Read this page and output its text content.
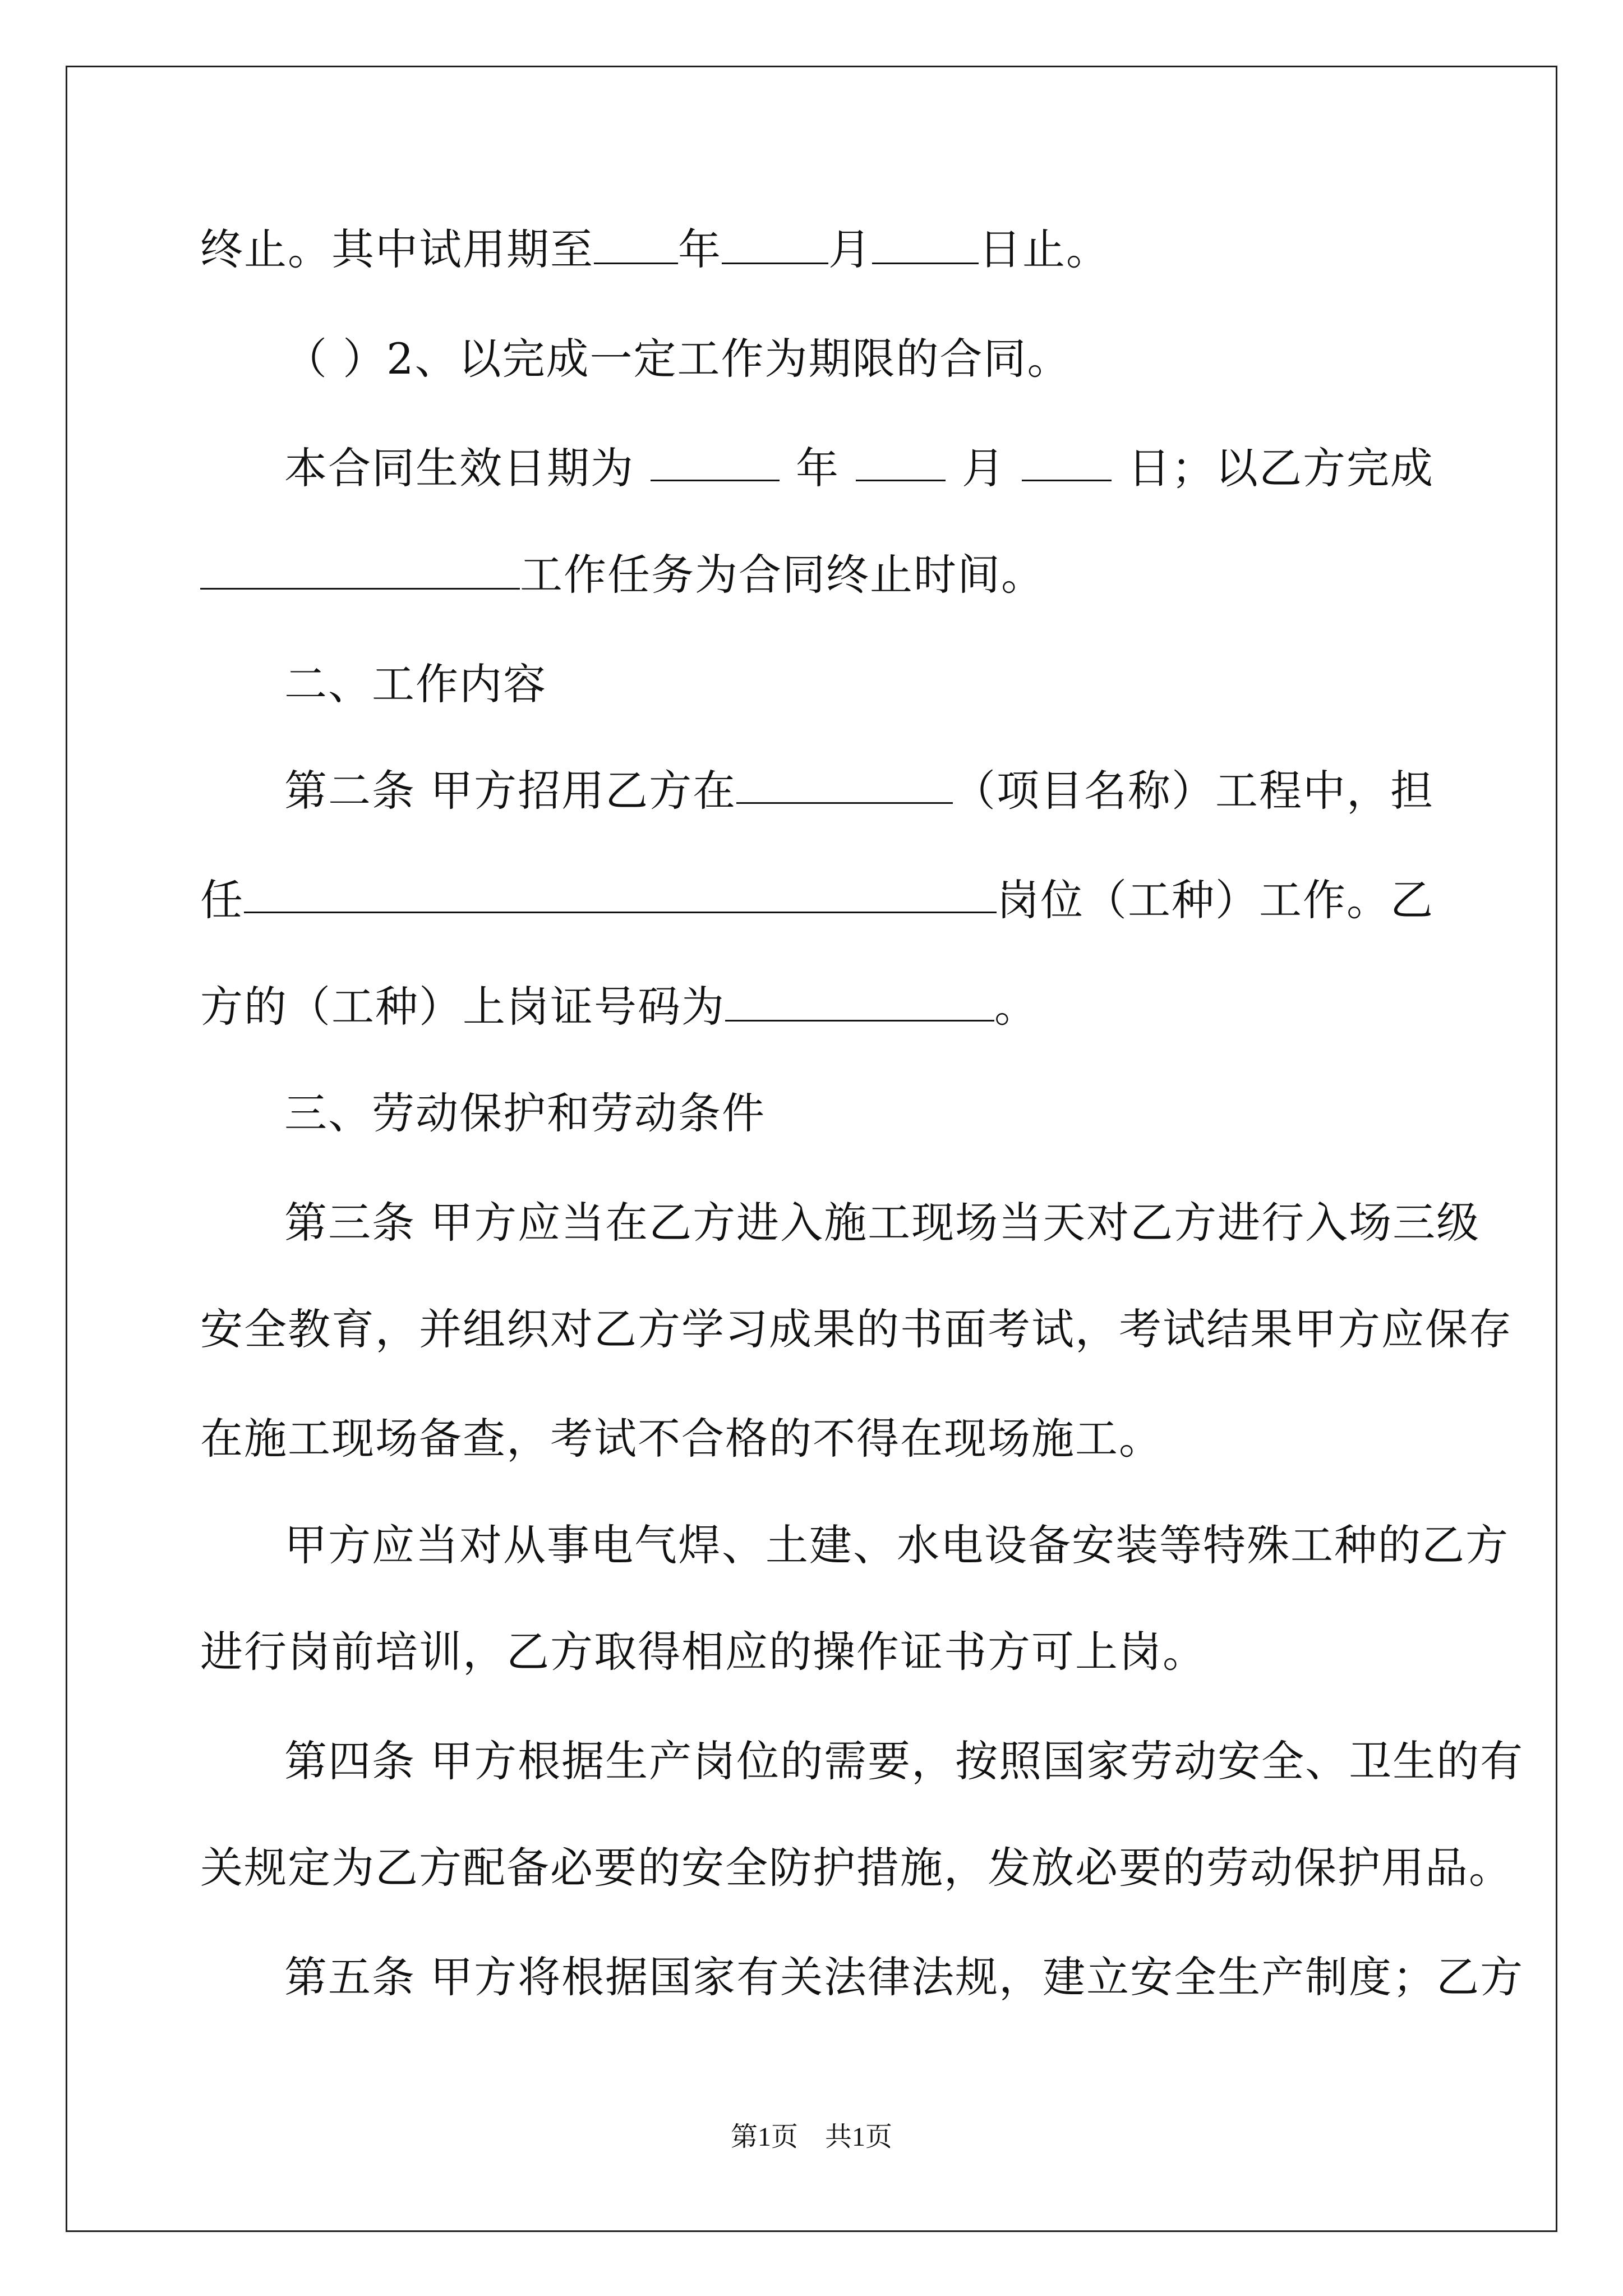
终止。其中试用期至 年	月	日止。
（ ）2、以完成一定工作为期限的合同。
本合同生效日期为	年	月	日；以乙方完成
工作任务为合同终止时间。
二、工作内容
第二条 甲方招用乙方在	（项目名称）工程中，担
任	岗位（工种）工作。乙
方的（工种）上岗证号码为	。
三、劳动保护和劳动条件
第三条 甲方应当在乙方进入施工现场当天对乙方进行入场三级
安全教育，并组织对乙方学习成果的书面考试，考试结果甲方应保存
在施工现场备查，考试不合格的不得在现场施工。
甲方应当对从事电气焊、土建、水电设备安装等特殊工种的乙方
进行岗前培训，乙方取得相应的操作证书方可上岗。
第四条 甲方根据生产岗位的需要，按照国家劳动安全、卫生的有
关规定为乙方配备必要的安全防护措施，发放必要的劳动保护用品。
第五条 甲方将根据国家有关法律法规，建立安全生产制度；乙方
第1页 共1页
